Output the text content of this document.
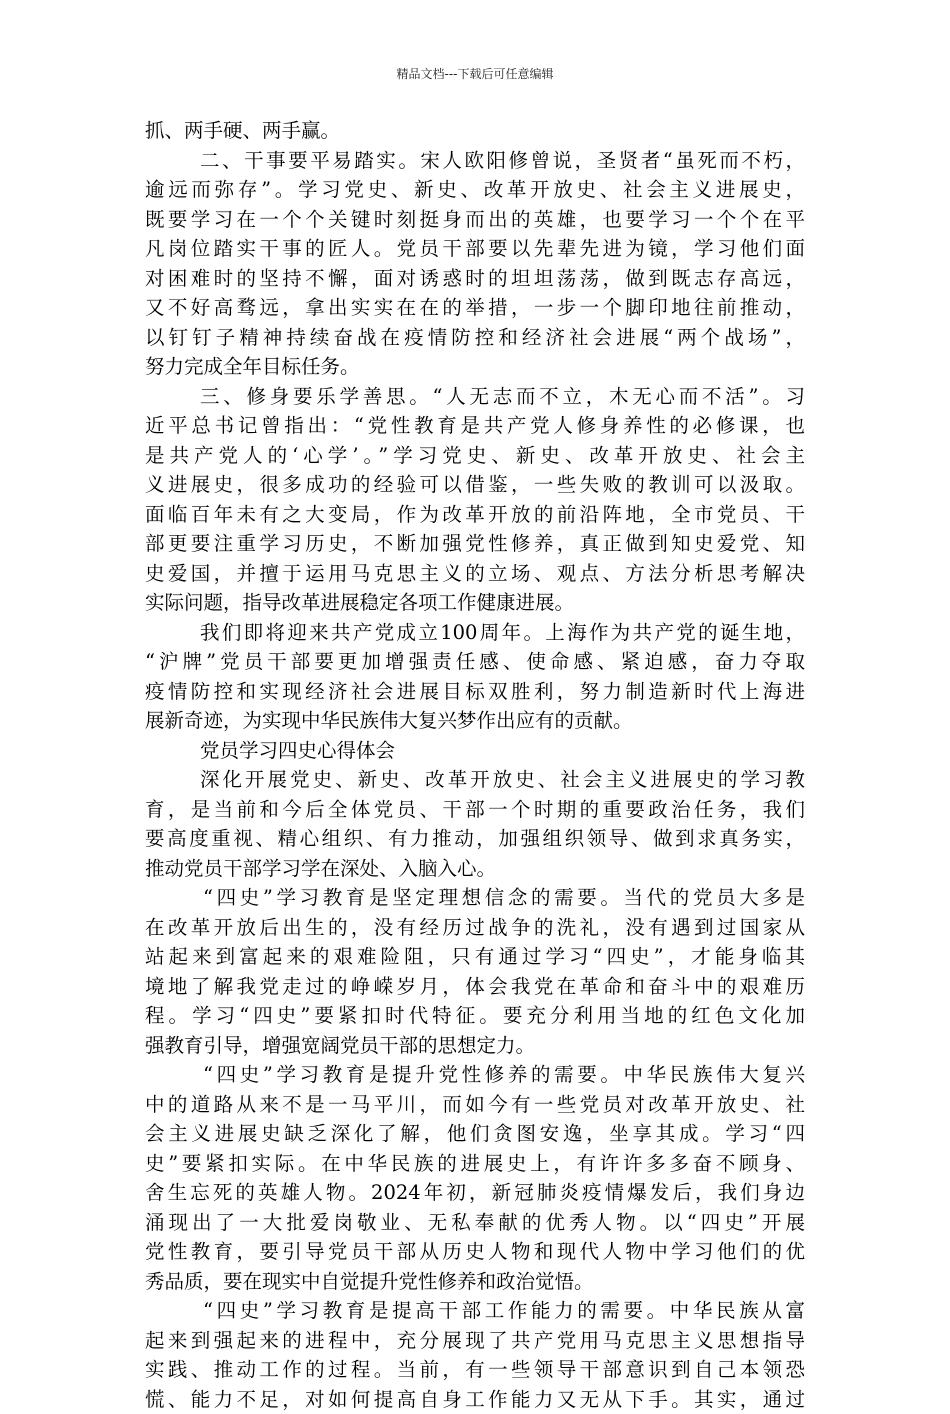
精品文档---下载后可任意编辑
抓、两手硬、两手赢。
二、干事要平易踏实。宋人欧阳修曾说，圣贤者“虽死而不朽，
逾远而弥存”。学习党史、新史、改革开放史、社会主义进展史，
既要学习在一个个关键时刻挺身而出的英雄，也要学习一个个在平
凡岗位踏实干事的匠人。党员干部要以先辈先进为镜，学习他们面
对困难时的坚持不懈，面对诱惑时的坦坦荡荡，做到既志存高远，
又不好高骛远，拿出实实在在的举措，一步一个脚印地往前推动，
以钉钉子精神持续奋战在疫情防控和经济社会进展“两个战场”，
努力完成全年目标任务。
三、修身要乐学善思。“人无志而不立，木无心而不活”。习
近平总书记曾指出：“党性教育是共产党人修身养性的必修课，也
是共产党人的‘心学’。”学习党史、新史、改革开放史、社会主
义进展史，很多成功的经验可以借鉴，一些失败的教训可以汲取。
面临百年未有之大变局，作为改革开放的前沿阵地，全市党员、干
部更要注重学习历史，不断加强党性修养，真正做到知史爱党、知
史爱国，并擅于运用马克思主义的立场、观点、方法分析思考解决
实际问题，指导改革进展稳定各项工作健康进展。
我们即将迎来共产党成立100周年。上海作为共产党的诞生地，
“沪牌”党员干部要更加增强责任感、使命感、紧迫感，奋力夺取
疫情防控和实现经济社会进展目标双胜利，努力制造新时代上海进
展新奇迹，为实现中华民族伟大复兴梦作出应有的贡献。
党员学习四史心得体会
深化开展党史、新史、改革开放史、社会主义进展史的学习教
育，是当前和今后全体党员、干部一个时期的重要政治任务，我们
要高度重视、精心组织、有力推动，加强组织领导、做到求真务实，
推动党员干部学习学在深处、入脑入心。
“四史”学习教育是坚定理想信念的需要。当代的党员大多是
在改革开放后出生的，没有经历过战争的洗礼，没有遇到过国家从
站起来到富起来的艰难险阻，只有通过学习“四史”，才能身临其
境地了解我党走过的峥嵘岁月，体会我党在革命和奋斗中的艰难历
程。学习“四史”要紧扣时代特征。要充分利用当地的红色文化加
强教育引导，增强宽阔党员干部的思想定力。
“四史”学习教育是提升党性修养的需要。中华民族伟大复兴
中的道路从来不是一马平川，而如今有一些党员对改革开放史、社
会主义进展史缺乏深化了解，他们贪图安逸，坐享其成。学习“四
史”要紧扣实际。在中华民族的进展史上，有许许多多奋不顾身、
舍生忘死的英雄人物。2024年初，新冠肺炎疫情爆发后，我们身边
涌现出了一大批爱岗敬业、无私奉献的优秀人物。以“四史”开展
党性教育，要引导党员干部从历史人物和现代人物中学习他们的优
秀品质，要在现实中自觉提升党性修养和政治觉悟。
“四史”学习教育是提高干部工作能力的需要。中华民族从富
起来到强起来的进程中，充分展现了共产党用马克思主义思想指导
实践、推动工作的过程。当前，有一些领导干部意识到自己本领恐
慌、能力不足，对如何提高自身工作能力又无从下手。其实，通过
